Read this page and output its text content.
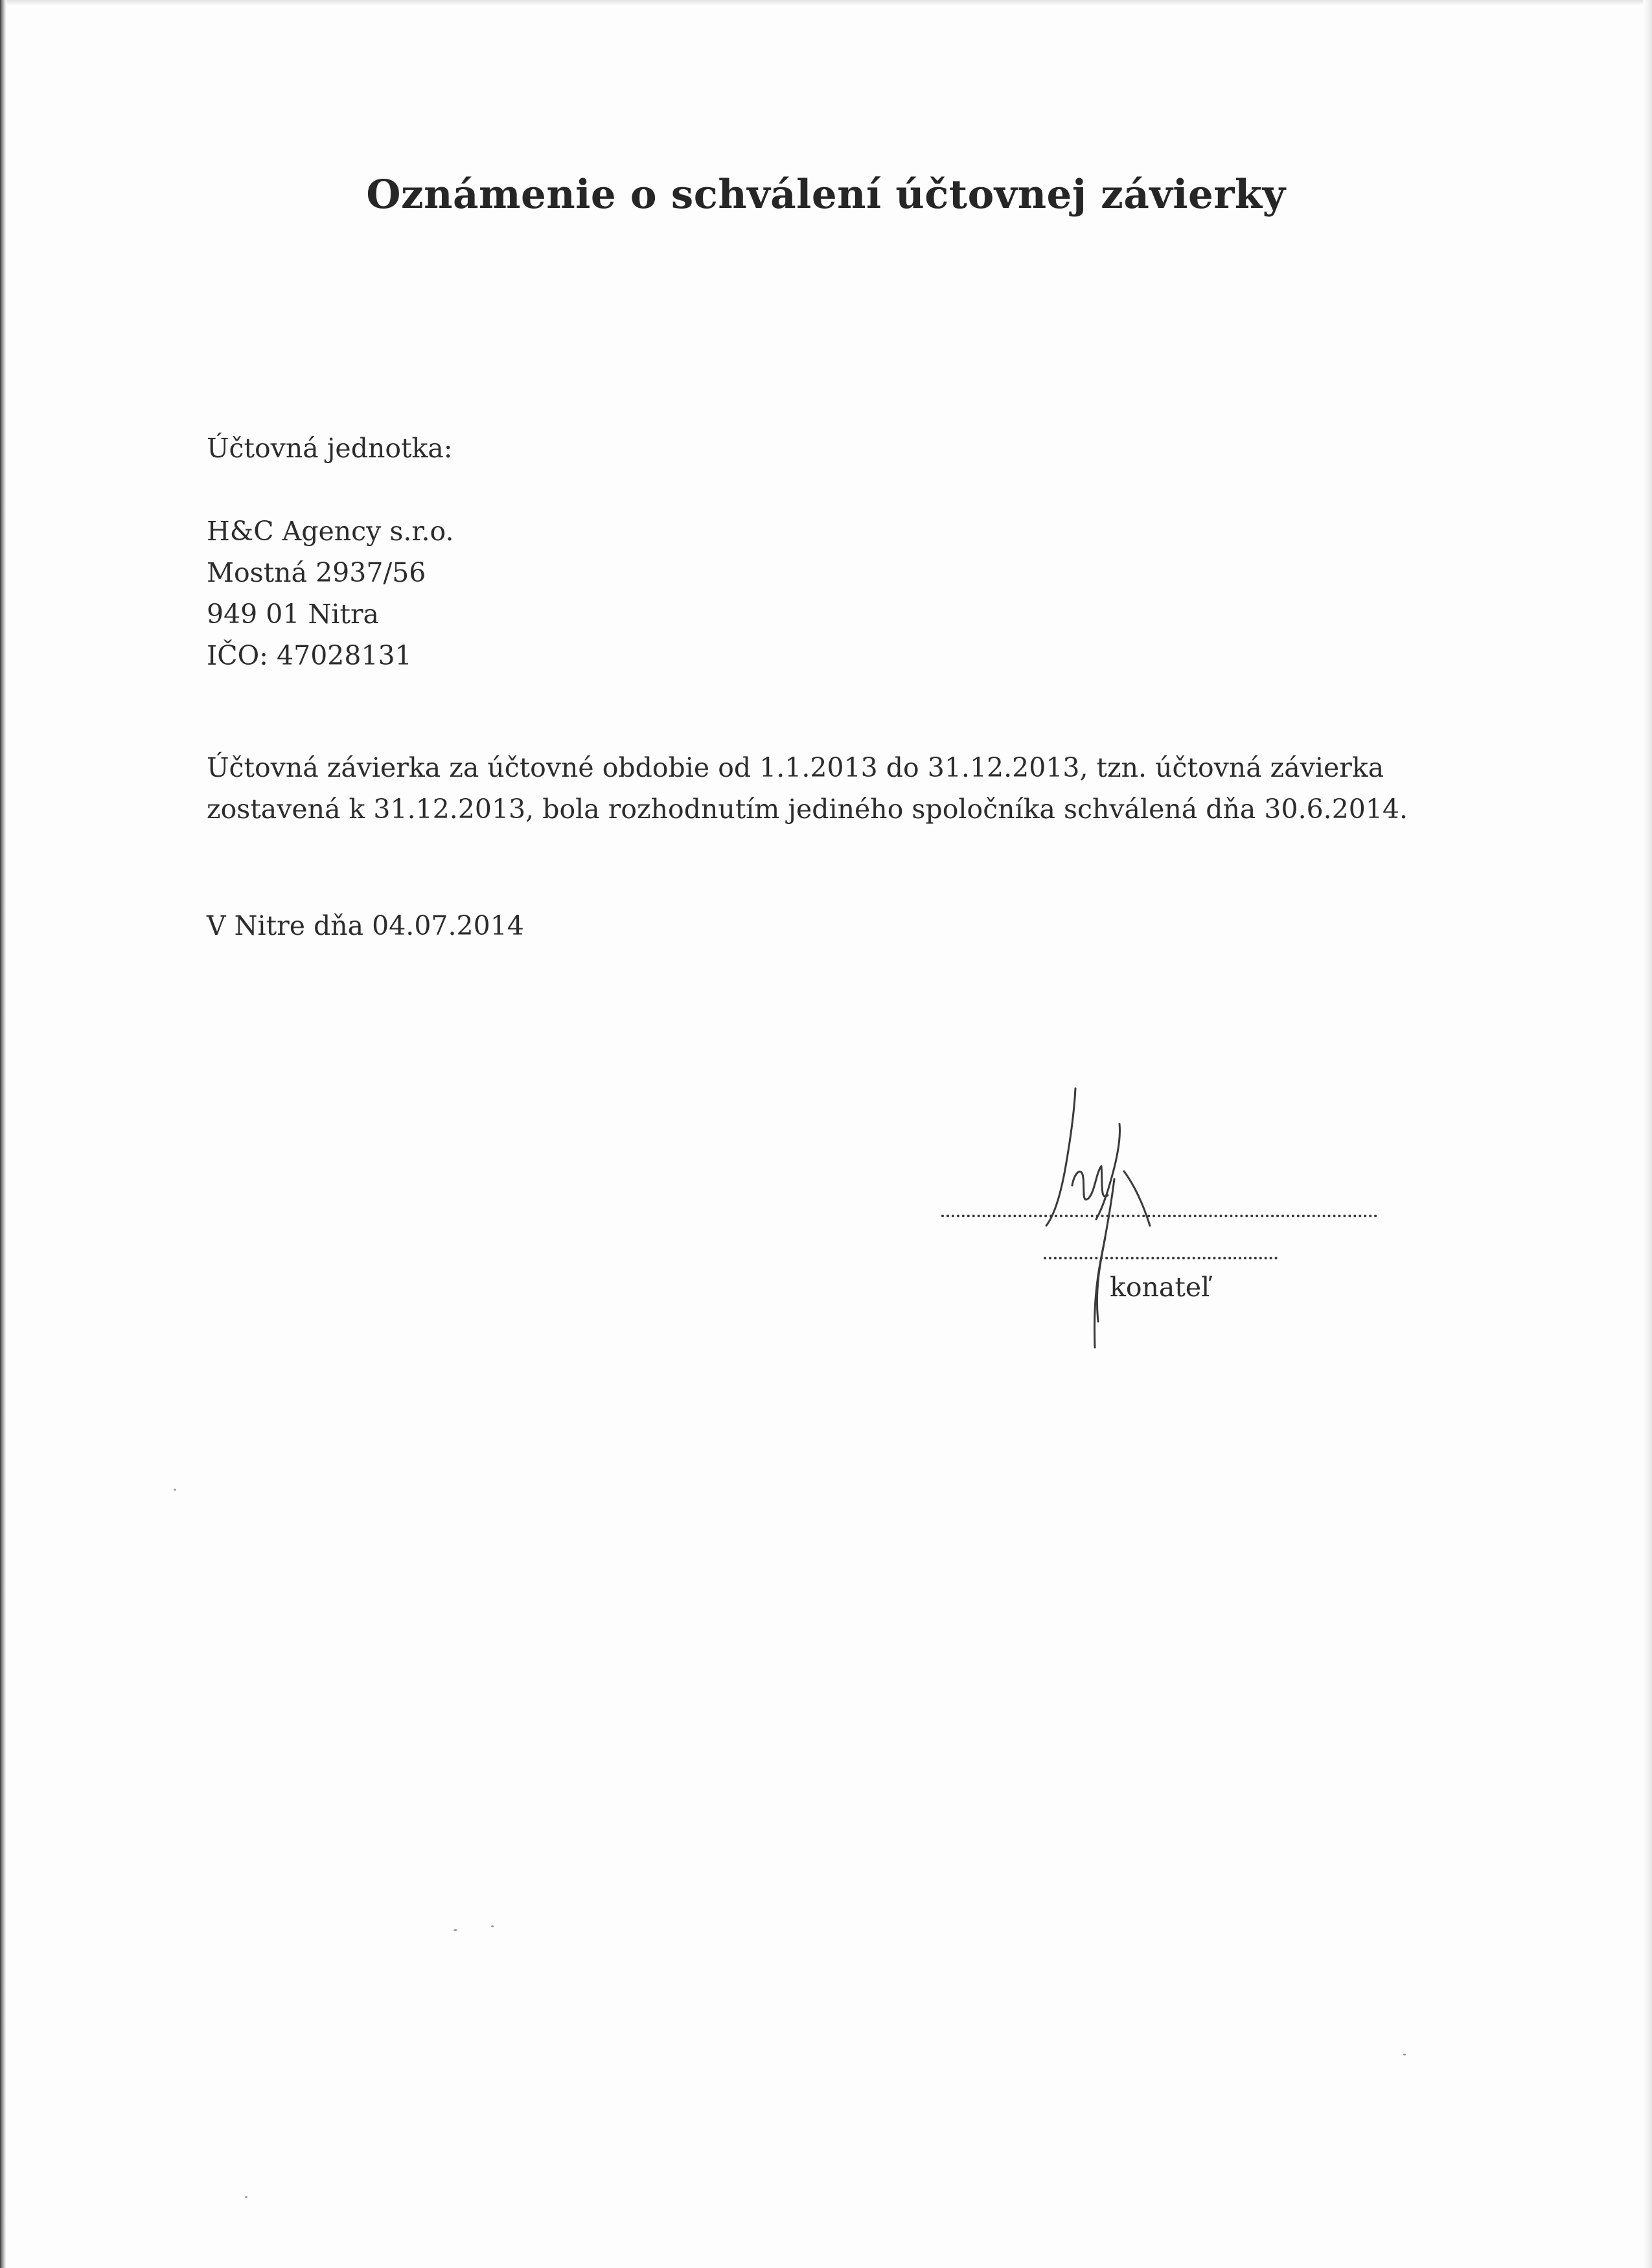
Oznámenie o schválení účtovnej závierky
Účtovná jednotka:
H&C Agency s.r.o.
Mostná 2937/56
949 01 Nitra
IČO: 47028131
Účtovná závierka za účtovné obdobie od 1.1.2013 do 31.12.2013, tzn. účtovná závierka
zostavená k 31.12.2013, bola rozhodnutím jediného spoločníka schválená dňa 30.6.2014.
V Nitre dňa 04.07.2014
konateľ
